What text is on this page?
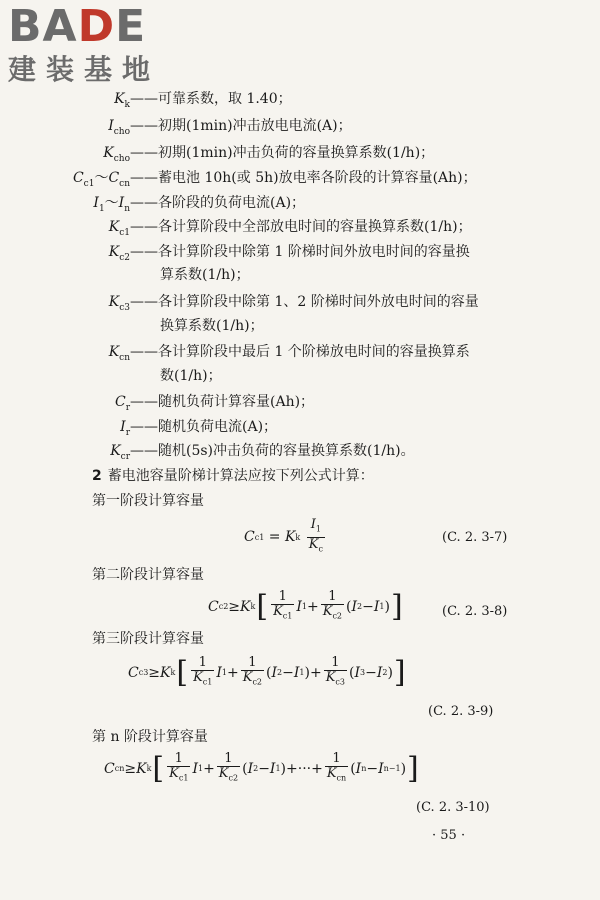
BADE
建装基地
$K_k——$可靠系数，取 1.40；
$I_{cho}——$初期(1min)冲击放电电流(A)；
$K_{cho}——$初期(1min)冲击负荷的容量换算系数(1/h)；
$C_{c1}\sim C_{cn}——$蓄电池 10h(或 5h)放电率各阶段的计算容量(Ah)；
$I_1\sim I_n——$各阶段的负荷电流(A)；
$K_{c1}——$各计算阶段中全部放电时间的容量换算系数(1/h)；
$K_{c2}——$各计算阶段中除第 1 阶梯时间外放电时间的容量换
算系数(1/h)；
$K_{c3}——$各计算阶段中除第 1、2 阶梯时间外放电时间的容量
换算系数(1/h)；
$K_{cn}——$各计算阶段中最后 1 个阶梯放电时间的容量换算系
数(1/h)；
$C_r——$随机负荷计算容量(Ah)；
$I_r——$随机负荷电流(A)；
$K_{cr}——$随机(5s)冲击负荷的容量换算系数(1/h)。
2 蓄电池容量阶梯计算法应按下列公式计算：
第一阶段计算容量
C c1 = K k
$\frac{I_1}{K_c}$	(C. 2. 3-7)
第二阶段计算容量
C c2 ≥ K k [ $\frac{1}{K_{c1}}$ I $1 + \frac{1}{K_{c2}}$ ( I 2 − I 1 ) ]	(C. 2. 3-8)
第三阶段计算容量
C c3 ≥ K k [ $\frac{1}{K_{c1}}$ I $1 + \frac{1}{K_{c2}}$ ( I 2 − I 1 )+ $\frac{1}{K_{c3}}$ ( I 3 − I 2 ) ]
(C. 2. 3-9)
第 n 阶段计算容量
C cn ≥ K k [ $\frac{1}{K_{c1}}$ I $1 + \frac{1}{K_{c2}}$ ( I 2 − I 1 )+···+ $\frac{1}{K_{cn}}$ ( I n − I n−1 ) ]
(C. 2. 3-10)
· 55 ·
